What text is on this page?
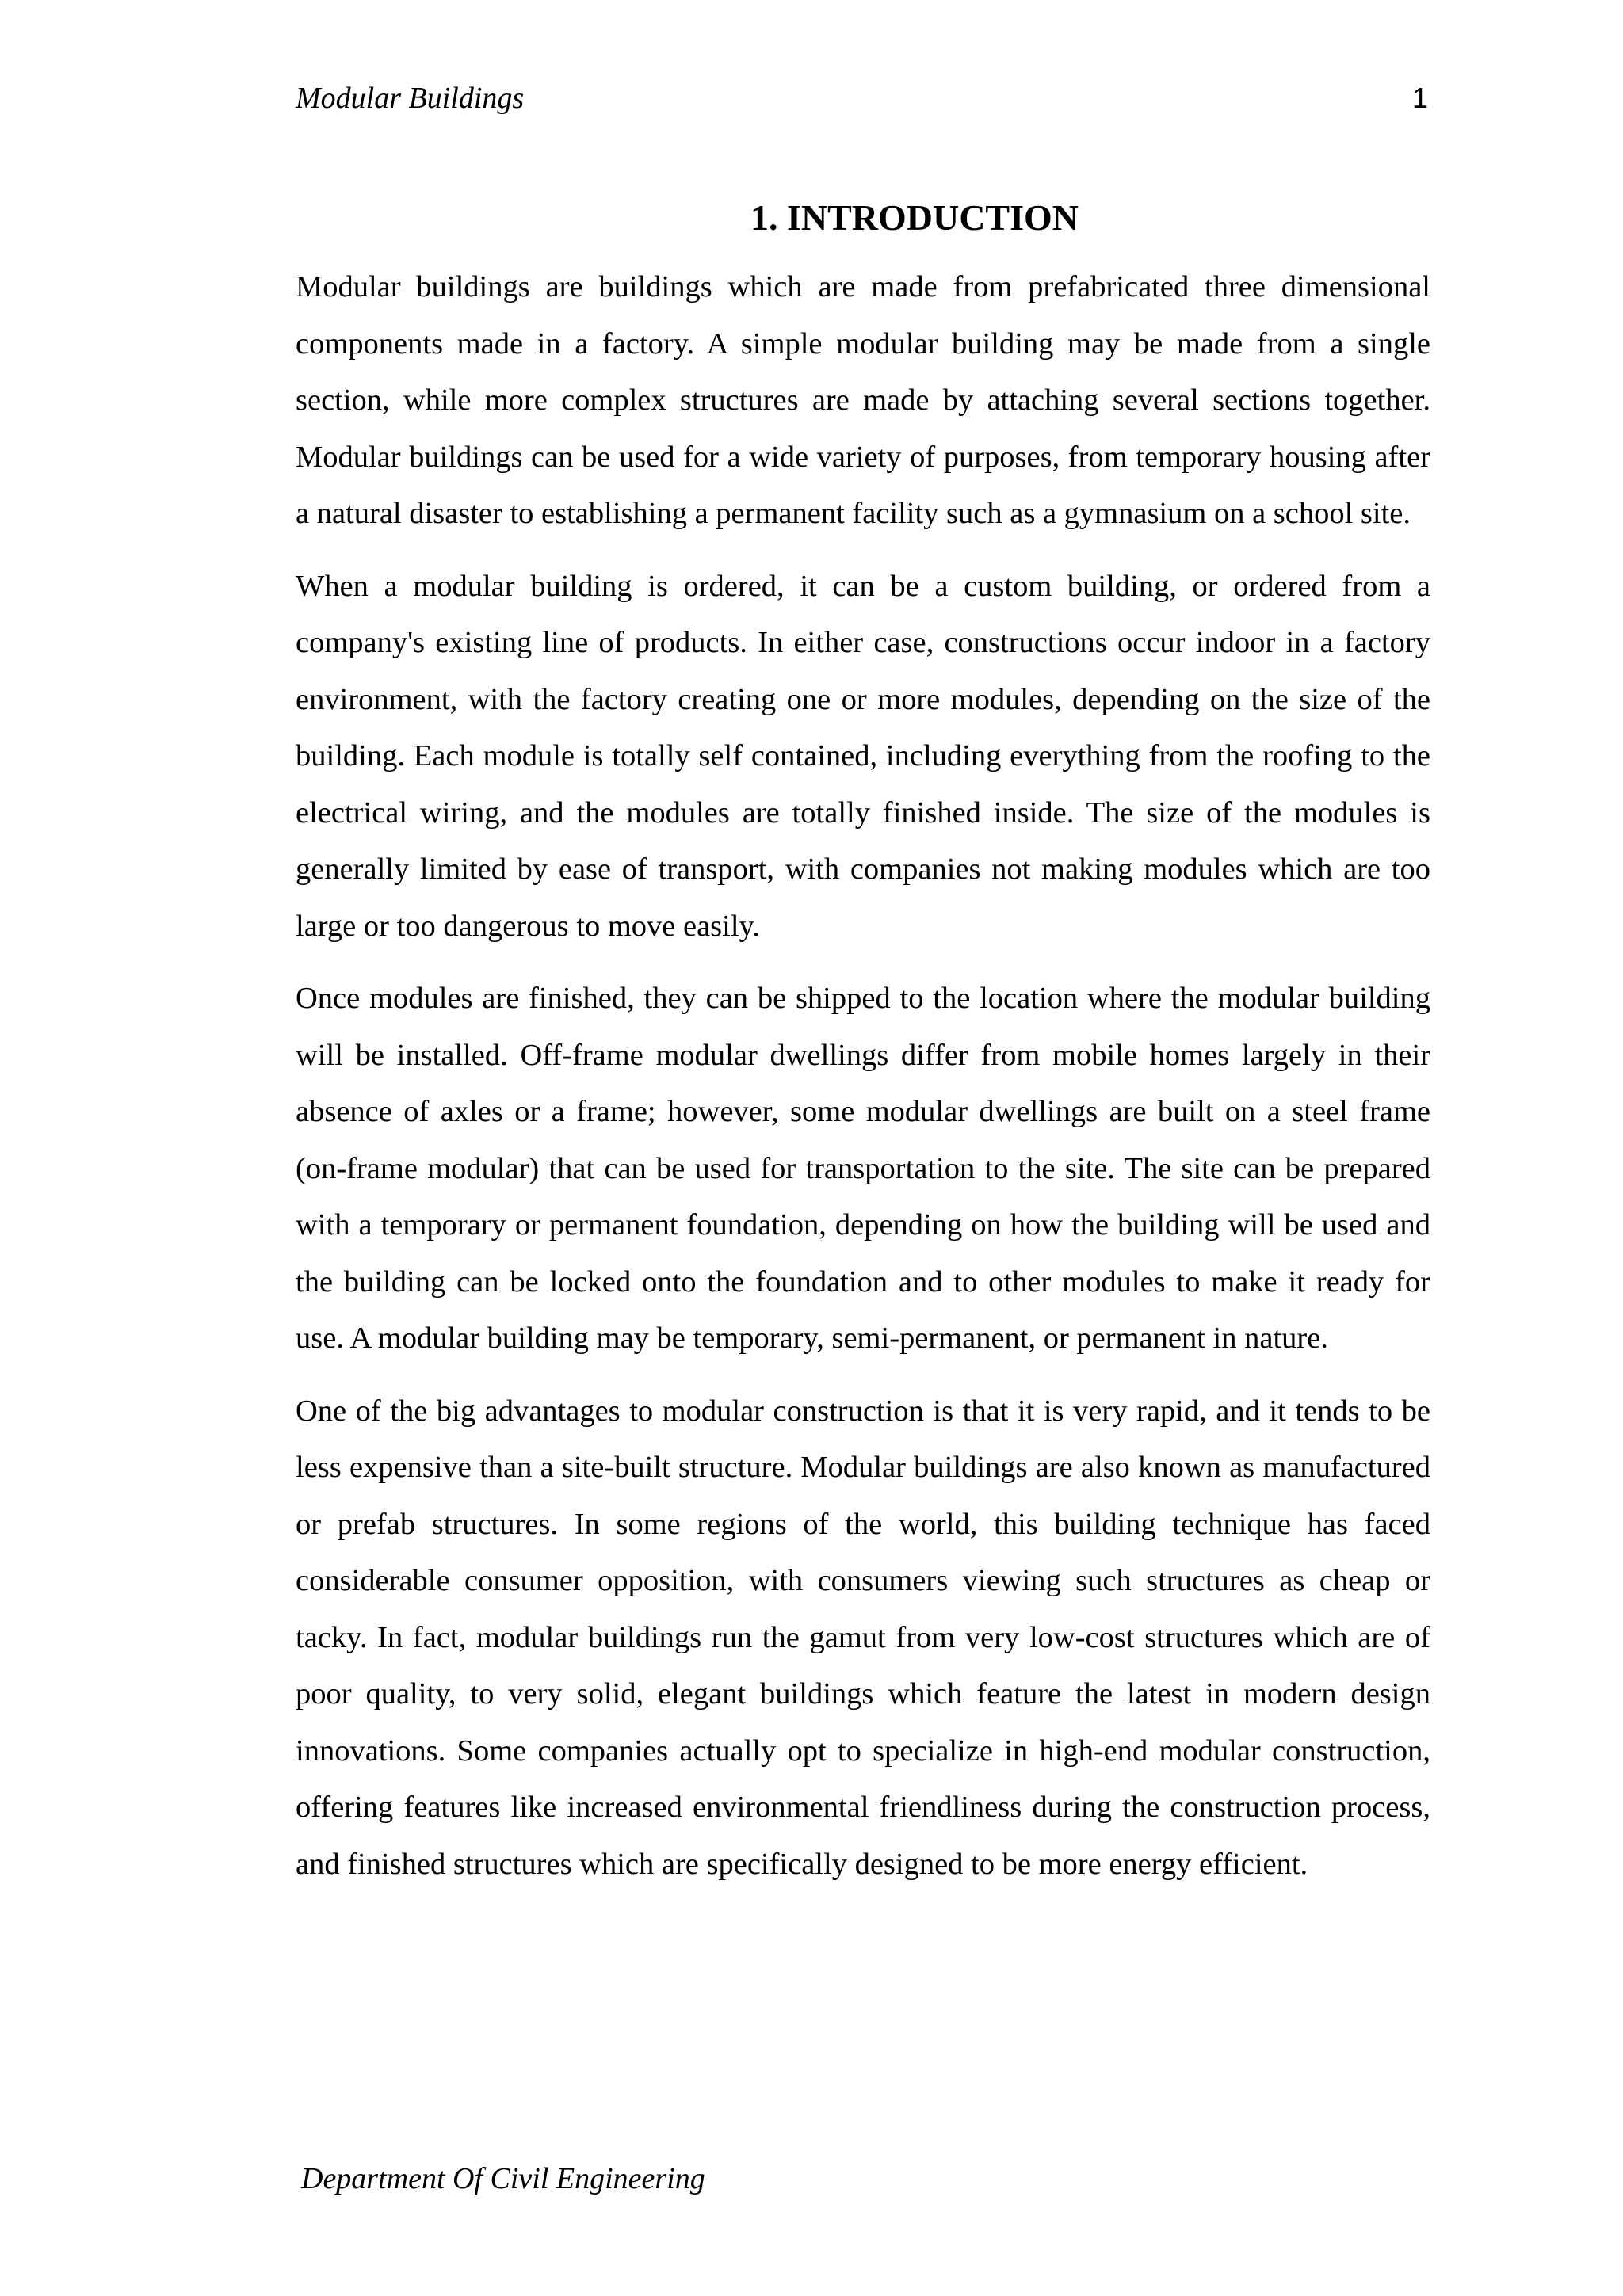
Modular Buildings	1
1. INTRODUCTION

Modular buildings are buildings which are made from prefabricated three dimensional components made in a factory. A simple modular building may be made from a single section, while more complex structures are made by attaching several sections together. Modular buildings can be used for a wide variety of purposes, from temporary housing after a natural disaster to establishing a permanent facility such as a gymnasium on a school site.

When a modular building is ordered, it can be a custom building, or ordered from a company's existing line of products. In either case, constructions occur indoor in a factory environment, with the factory creating one or more modules, depending on the size of the building. Each module is totally self contained, including everything from the roofing to the electrical wiring, and the modules are totally finished inside. The size of the modules is generally limited by ease of transport, with companies not making modules which are too large or too dangerous to move easily.

Once modules are finished, they can be shipped to the location where the modular building will be installed. Off-frame modular dwellings differ from mobile homes largely in their absence of axles or a frame; however, some modular dwellings are built on a steel frame (on-frame modular) that can be used for transportation to the site. The site can be prepared with a temporary or permanent foundation, depending on how the building will be used and the building can be locked onto the foundation and to other modules to make it ready for use. A modular building may be temporary, semi-permanent, or permanent in nature.

One of the big advantages to modular construction is that it is very rapid, and it tends to be less expensive than a site-built structure. Modular buildings are also known as manufactured or prefab structures. In some regions of the world, this building technique has faced considerable consumer opposition, with consumers viewing such structures as cheap or tacky. In fact, modular buildings run the gamut from very low-cost structures which are of poor quality, to very solid, elegant buildings which feature the latest in modern design innovations. Some companies actually opt to specialize in high-end modular construction, offering features like increased environmental friendliness during the construction process, and finished structures which are specifically designed to be more energy efficient.

Department Of Civil Engineering
